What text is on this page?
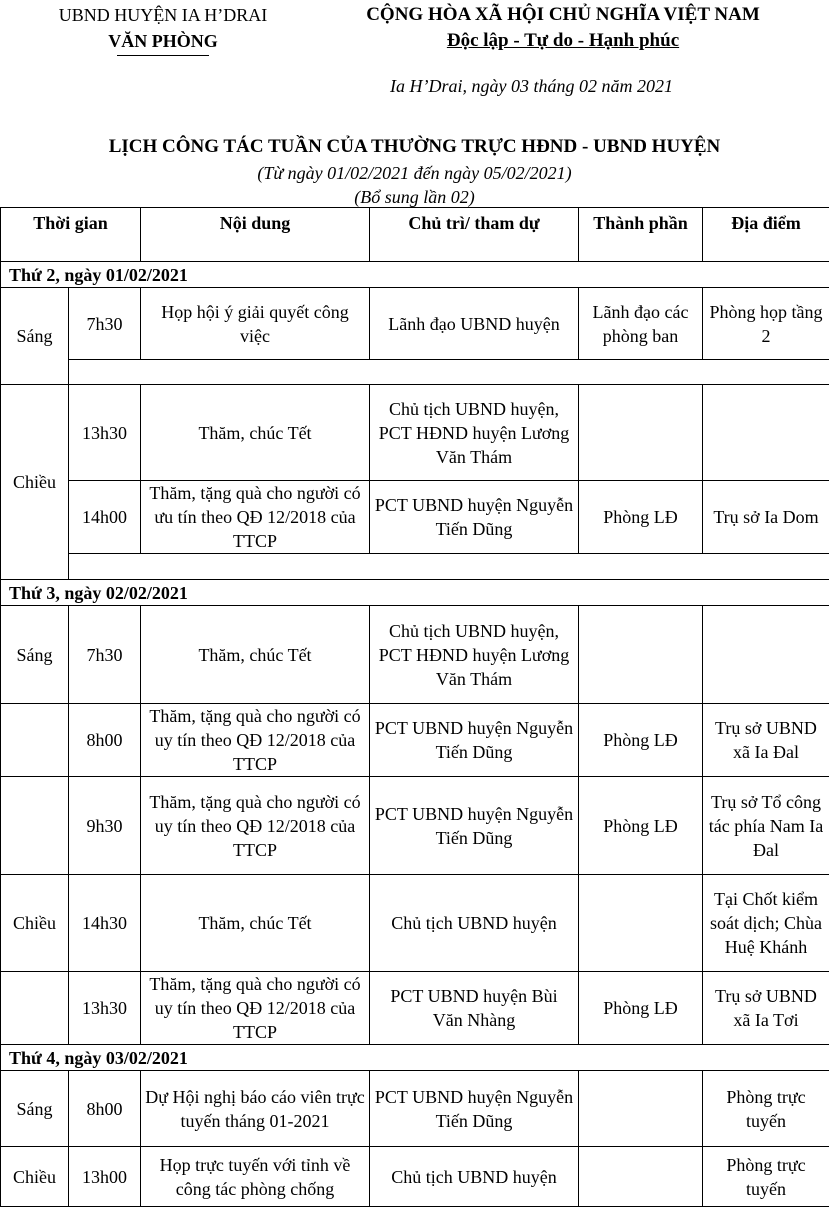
UBND HUYỆN IA H’DRAI
VĂN PHÒNG
CỘNG HÒA XÃ HỘI CHỦ NGHĨA VIỆT NAM
Độc lập - Tự do - Hạnh phúc
Ia H’Drai, ngày 03 tháng 02 năm 2021
LỊCH CÔNG TÁC TUẦN CỦA THƯỜNG TRỰC HĐND - UBND HUYỆN
(Từ ngày 01/02/2021 đến ngày 05/02/2021)
(Bổ sung lần 02)
Thời gian		Nội dung	Chủ trì/ tham dự	Thành phần	Địa điểm
Thứ 2, ngày 01/02/2021					
Sáng	7h30	Họp hội ý giải quyết công việc	Lãnh đạo UBND huyện	Lãnh đạo các phòng ban	Phòng họp tầng 2

Chiều	13h30	Thăm, chúc Tết	Chủ tịch UBND huyện, PCT HĐND huyện Lương Văn Thám		
	14h00	Thăm, tặng quà cho người có ưu tín theo QĐ 12/2018 của TTCP	PCT UBND huyện Nguyễn Tiến Dũng	Phòng LĐ	Trụ sở Ia Dom

Thứ 3, ngày 02/02/2021					
Sáng	7h30	Thăm, chúc Tết	Chủ tịch UBND huyện, PCT HĐND huyện Lương Văn Thám		
	8h00	Thăm, tặng quà cho người có uy tín theo QĐ 12/2018 của TTCP	PCT UBND huyện Nguyễn Tiến Dũng	Phòng LĐ	Trụ sở UBND xã Ia Đal
	9h30	Thăm, tặng quà cho người có uy tín theo QĐ 12/2018 của TTCP	PCT UBND huyện Nguyễn Tiến Dũng	Phòng LĐ	Trụ sở Tổ công tác phía Nam Ia Đal
Chiều	14h30	Thăm, chúc Tết	Chủ tịch UBND huyện		Tại Chốt kiểm soát dịch; Chùa Huệ Khánh
	13h30	Thăm, tặng quà cho người có uy tín theo QĐ 12/2018 của TTCP	PCT UBND huyện Bùi Văn Nhàng	Phòng LĐ	Trụ sở UBND xã Ia Tơi
Thứ 4, ngày 03/02/2021					
Sáng	8h00	Dự Hội nghị báo cáo viên trực tuyến tháng 01-2021	PCT UBND huyện Nguyễn Tiến Dũng		Phòng trực tuyến
Chiều	13h00	Họp trực tuyến với tỉnh về công tác phòng chống	Chủ tịch UBND huyện		Phòng trực tuyến
